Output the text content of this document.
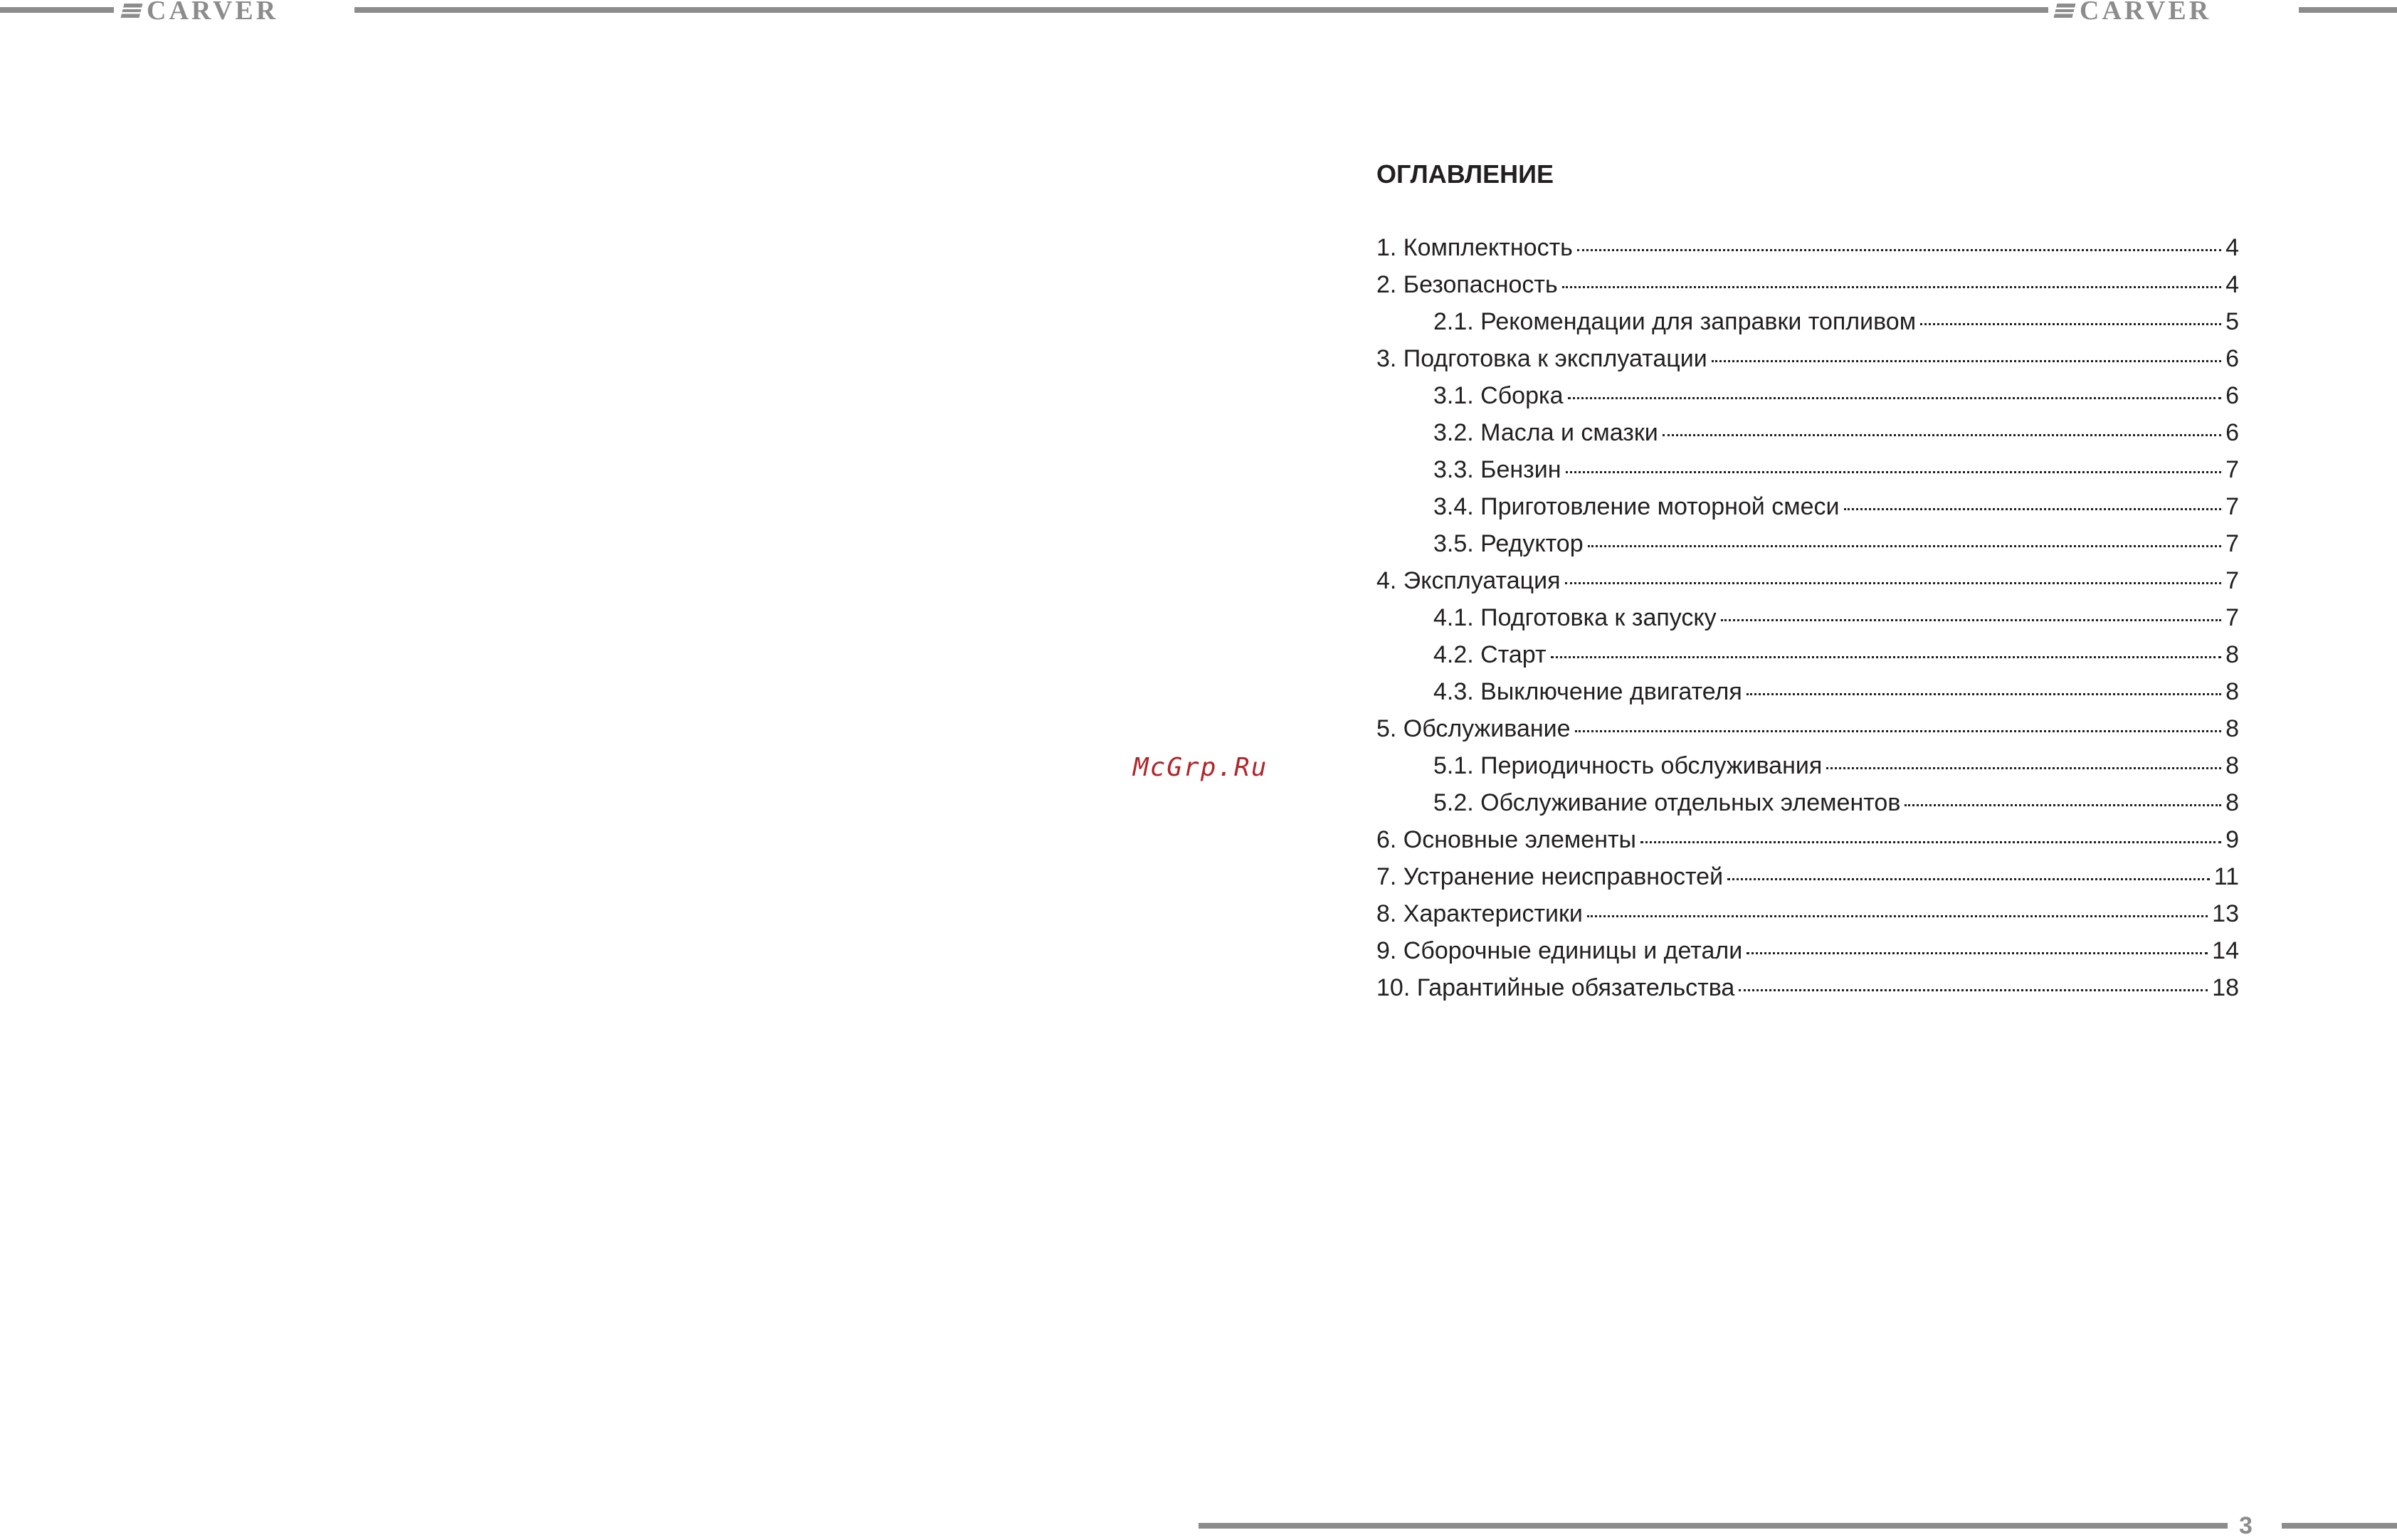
CARVER	CARVER
McGrp.Ru
ОГЛАВЛЕНИЕ
1. Комплектность	4
2. Безопасность	4
2.1. Рекомендации для заправки топливом	5
3. Подготовка к эксплуатации	6
3.1. Сборка	6
3.2. Масла и смазки	6
3.3. Бензин	7
3.4. Приготовление моторной смеси	7
3.5. Редуктор	7
4. Эксплуатация	7
4.1. Подготовка к запуску	7
4.2. Старт	8
4.3. Выключение двигателя	8
5. Обслуживание	8
5.1. Периодичность обслуживания	8
5.2. Обслуживание отдельных элементов	8
6. Основные элементы	9
7. Устранение неисправностей	11
8. Характеристики	13
9. Сборочные единицы и детали	14
10. Гарантийные обязательства	18
3
